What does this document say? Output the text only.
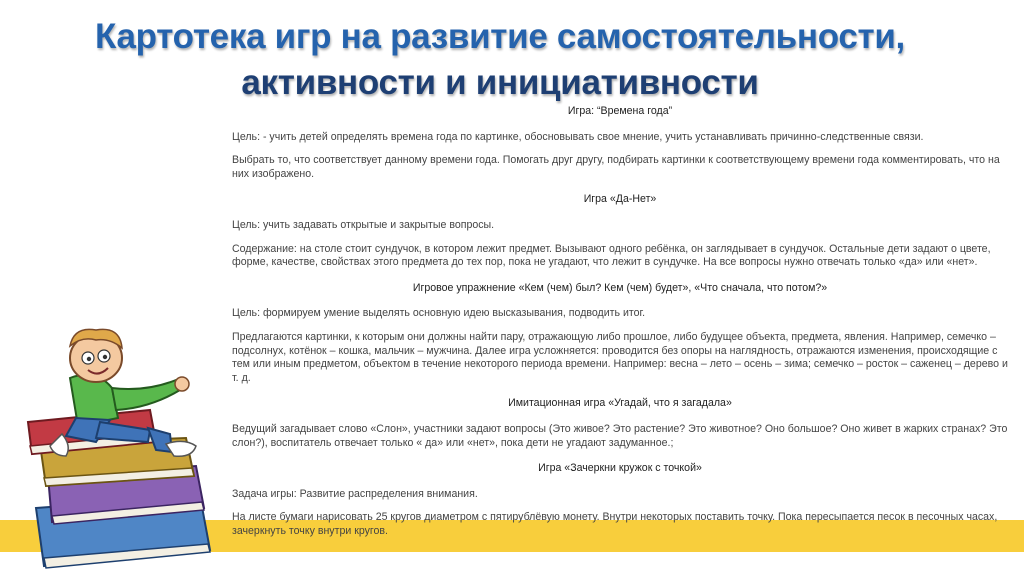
Картотека игр на развитие самостоятельности,
активности и инициативности

Игра: “Времена года”

Цель: - учить детей определять времена года по картинке, обосновывать свое мнение, учить устанавливать причинно-следственные связи.

Выбрать то, что соответствует данному времени года. Помогать друг другу, подбирать картинки к соответствующему времени года комментировать, что на них изображено.

Игра «Да-Нет»

Цель: учить задавать открытые и закрытые вопросы.

Содержание: на столе стоит сундучок, в котором лежит предмет. Вызывают одного ребёнка, он заглядывает в сундучок. Остальные дети задают о цвете, форме, качестве, свойствах этого предмета до тех пор, пока не угадают, что лежит в сундучке. На все вопросы нужно отвечать только «да» или «нет».

Игровое упражнение «Кем (чем) был? Кем (чем) будет», «Что сначала, что потом?»

Цель: формируем умение выделять основную идею высказывания, подводить итог.

Предлагаются картинки, к которым они должны найти пару, отражающую либо прошлое, либо будущее объекта, предмета, явления. Например, семечко – подсолнух, котёнок – кошка, мальчик – мужчина. Далее игра усложняется: проводится без опоры на наглядность, отражаются изменения, происходящие с тем или иным предметом, объектом в течение некоторого периода времени. Например: весна – лето – осень – зима; семечко – росток – саженец – дерево и т. д.

Имитационная игра «Угадай, что я загадала»

Ведущий загадывает слово «Слон», участники задают вопросы (Это живое? Это растение? Это животное? Оно большое? Оно живет в жарких странах? Это слон?), воспитатель отвечает только « да» или «нет», пока дети не угадают задуманное.;

Игра «Зачеркни кружок с точкой»

Задача игры: Развитие распределения внимания.

На листе бумаги нарисовать 25 кругов диаметром с пятирублёвую монету. Внутри некоторых поставить точку. Пока пересыпается песок в песочных часах, зачеркнуть точку внутри кругов.
